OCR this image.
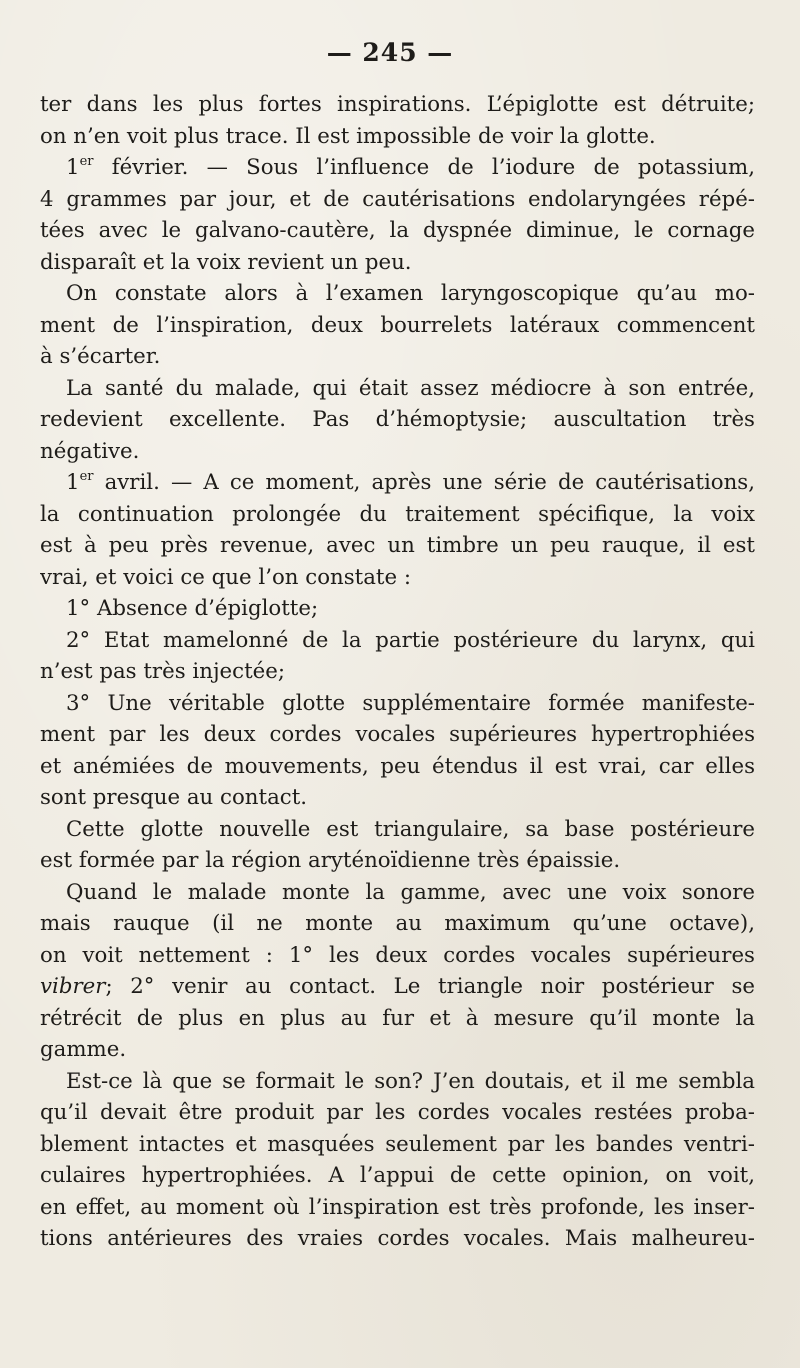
— 245 —
ter dans les plus fortes inspirations. L’épiglotte est détruite;
on n’en voit plus trace. Il est impossible de voir la glotte.
1er février. — Sous l’influence de l’iodure de potassium,
4 grammes par jour, et de cautérisations endolaryngées répé-
tées avec le galvano-cautère, la dyspnée diminue, le cornage
disparaît et la voix revient un peu.
On constate alors à l’examen laryngoscopique qu’au mo-
ment de l’inspiration, deux bourrelets latéraux commencent
à s’écarter.
La santé du malade, qui était assez médiocre à son entrée,
redevient excellente. Pas d’hémoptysie; auscultation très
négative.
1er avril. — A ce moment, après une série de cautérisations,
la continuation prolongée du traitement spécifique, la voix
est à peu près revenue, avec un timbre un peu rauque, il est
vrai, et voici ce que l’on constate :
1° Absence d’épiglotte;
2° Etat mamelonné de la partie postérieure du larynx, qui
n’est pas très injectée;
3° Une véritable glotte supplémentaire formée manifeste-
ment par les deux cordes vocales supérieures hypertrophiées
et anémiées de mouvements, peu étendus il est vrai, car elles
sont presque au contact.
Cette glotte nouvelle est triangulaire, sa base postérieure
est formée par la région aryténoïdienne très épaissie.
Quand le malade monte la gamme, avec une voix sonore
mais rauque (il ne monte au maximum qu’une octave),
on voit nettement : 1° les deux cordes vocales supérieures
vibrer; 2° venir au contact. Le triangle noir postérieur se
rétrécit de plus en plus au fur et à mesure qu’il monte la
gamme.
Est-ce là que se formait le son? J’en doutais, et il me sembla
qu’il devait être produit par les cordes vocales restées proba-
blement intactes et masquées seulement par les bandes ventri-
culaires hypertrophiées. A l’appui de cette opinion, on voit,
en effet, au moment où l’inspiration est très profonde, les inser-
tions antérieures des vraies cordes vocales. Mais malheureu-
